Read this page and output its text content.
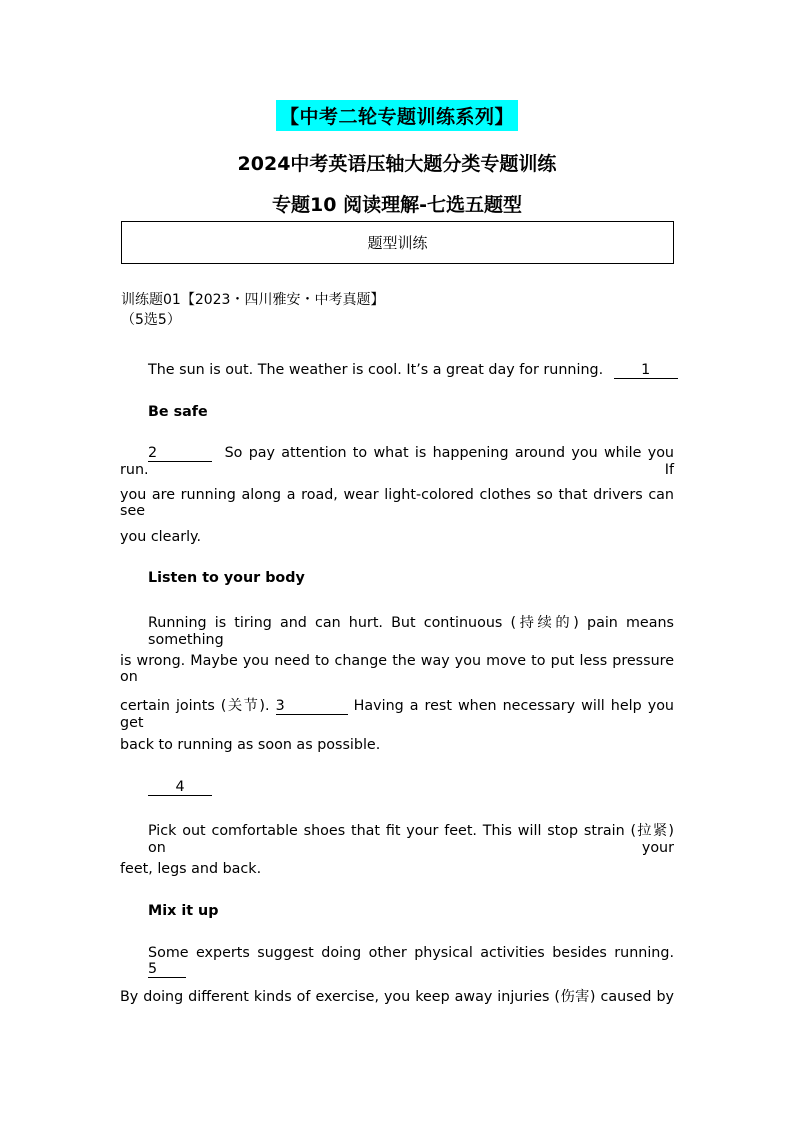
【中考二轮专题训练系列】
2024中考英语压轴大题分类专题训练
专题10 阅读理解-七选五题型
题型训练
训练题01【2023・四川雅安・中考真题】
（5选5）
The sun is out. The weather is cool. It’s a great day for running.	1
Be safe
2	So pay attention to what is happening around you while you run. If
you are running along a road, wear light-colored clothes so that drivers can see
you clearly.
Listen to your body
Running is tiring and can hurt. But continuous (持续的) pain means something
is wrong. Maybe you need to change the way you move to put less pressure on
certain joints (关节). 3	Having a rest when necessary will help you get
back to running as soon as possible.
4
Pick out comfortable shoes that fit your feet. This will stop strain (拉紧) on your
feet, legs and back.
Mix it up
Some experts suggest doing other physical activities besides running. 5
By doing different kinds of exercise, you keep away injuries (伤害) caused by
